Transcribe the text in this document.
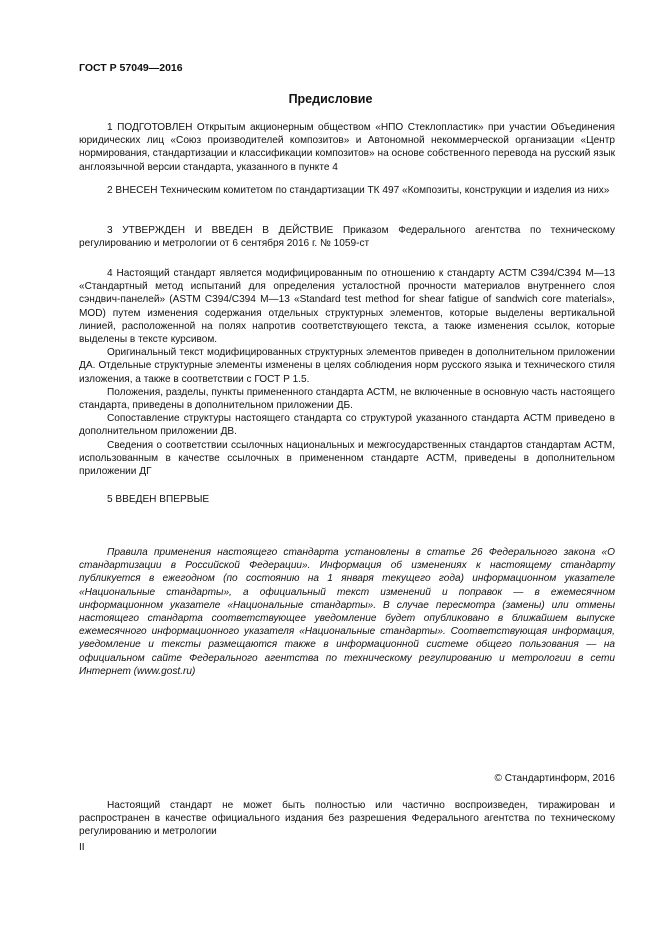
ГОСТ Р 57049—2016
Предисловие

1 ПОДГОТОВЛЕН Открытым акционерным обществом «НПО Стеклопластик» при участии Объединения юридических лиц «Союз производителей композитов» и Автономной некоммерческой организации «Центр нормирования, стандартизации и классификации композитов» на основе собственного перевода на русский язык англоязычной версии стандарта, указанного в пункте 4

2 ВНЕСЕН Техническим комитетом по стандартизации ТК 497 «Композиты, конструкции и изделия из них»

3 УТВЕРЖДЕН И ВВЕДЕН В ДЕЙСТВИЕ Приказом Федерального агентства по техническому регулированию и метрологии от 6 сентября 2016 г. № 1059-ст

4 Настоящий стандарт является модифицированным по отношению к стандарту АСТМ С394/С394 М—13 «Стандартный метод испытаний для определения усталостной прочности материалов внутреннего слоя сэндвич-панелей» (ASTM C394/C394 M—13 «Standard test method for shear fatigue of sandwich core materials», MOD) путем изменения содержания отдельных структурных элементов, которые выделены вертикальной линией, расположенной на полях напротив соответствующего текста, а также изменения ссылок, которые выделены в тексте курсивом.

Оригинальный текст модифицированных структурных элементов приведен в дополнительном приложении ДА. Отдельные структурные элементы изменены в целях соблюдения норм русского языка и технического стиля изложения, а также в соответствии с ГОСТ Р 1.5.

Положения, разделы, пункты примененного стандарта АСТМ, не включенные в основную часть настоящего стандарта, приведены в дополнительном приложении ДБ.

Сопоставление структуры настоящего стандарта со структурой указанного стандарта АСТМ приведено в дополнительном приложении ДВ.

Сведения о соответствии ссылочных национальных и межгосударственных стандартов стандартам АСТМ, использованным в качестве ссылочных в примененном стандарте АСТМ, приведены в дополнительном приложении ДГ

5 ВВЕДЕН ВПЕРВЫЕ

Правила применения настоящего стандарта установлены в статье 26 Федерального закона «О стандартизации в Российской Федерации». Информация об изменениях к настоящему стандарту публикуется в ежегодном (по состоянию на 1 января текущего года) информационном указателе «Национальные стандарты», а официальный текст изменений и поправок — в ежемесячном информационном указателе «Национальные стандарты». В случае пересмотра (замены) или отмены настоящего стандарта соответствующее уведомление будет опубликовано в ближайшем выпуске ежемесячного информационного указателя «Национальные стандарты». Соответствующая информация, уведомление и тексты размещаются также в информационной системе общего пользования — на официальном сайте Федерального агентства по техническому регулированию и метрологии в сети Интернет (www.gost.ru)

© Стандартинформ, 2016

Настоящий стандарт не может быть полностью или частично воспроизведен, тиражирован и распространен в качестве официального издания без разрешения Федерального агентства по техническому регулированию и метрологии

II
